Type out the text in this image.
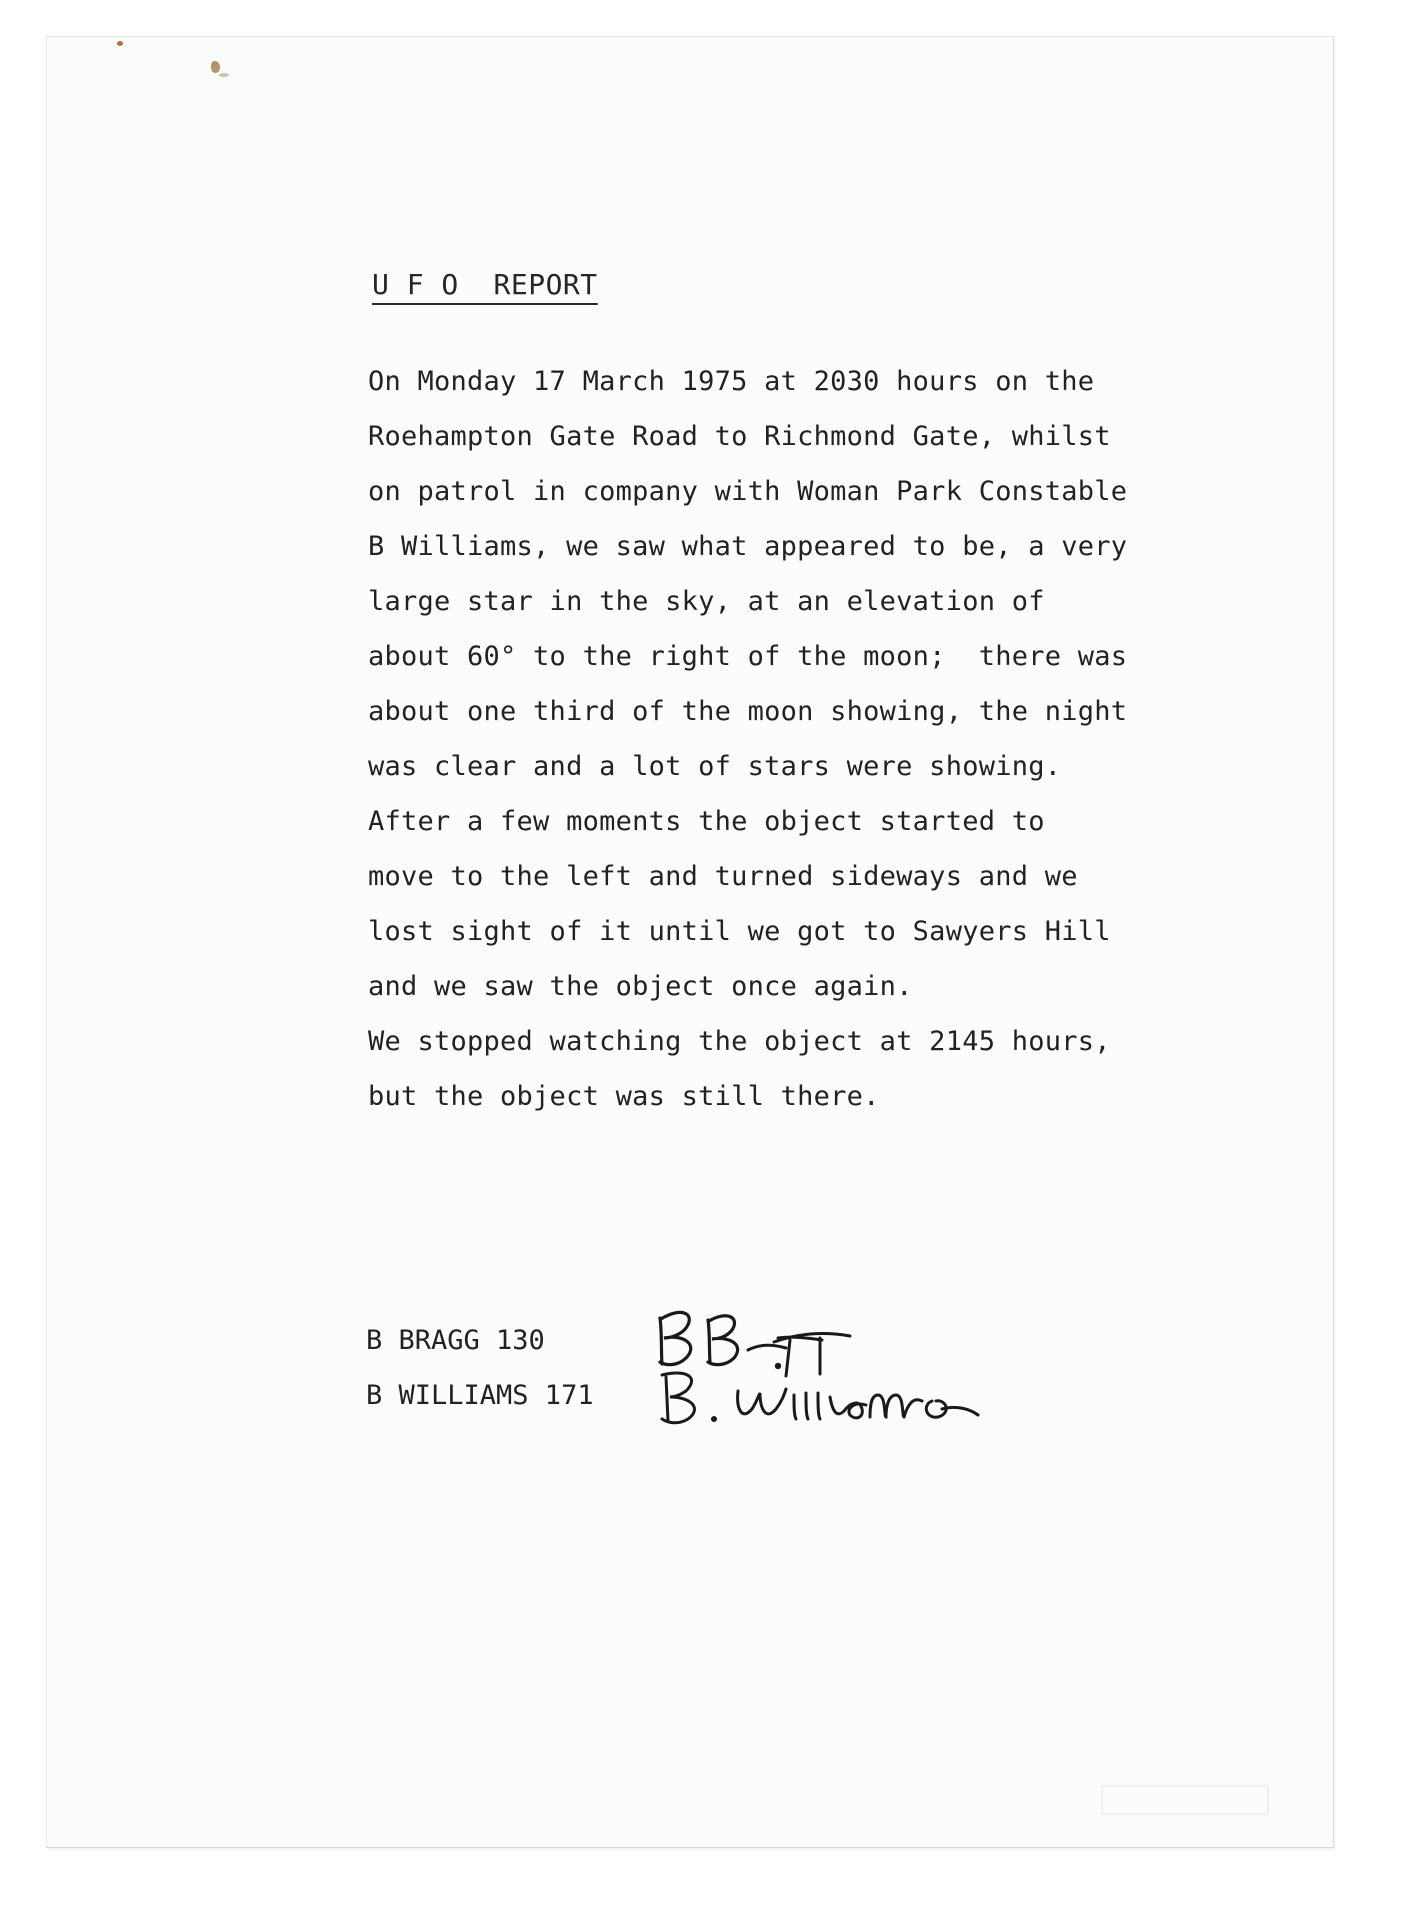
U F O  REPORT
On Monday 17 March 1975 at 2030 hours on the
Roehampton Gate Road to Richmond Gate, whilst
on patrol in company with Woman Park Constable
B Williams, we saw what appeared to be, a very
large star in the sky, at an elevation of
about 60° to the right of the moon;  there was
about one third of the moon showing, the night
was clear and a lot of stars were showing.
After a few moments the object started to
move to the left and turned sideways and we
lost sight of it until we got to Sawyers Hill
and we saw the object once again.
We stopped watching the object at 2145 hours,
but the object was still there.
B BRAGG 130
B WILLIAMS 171
